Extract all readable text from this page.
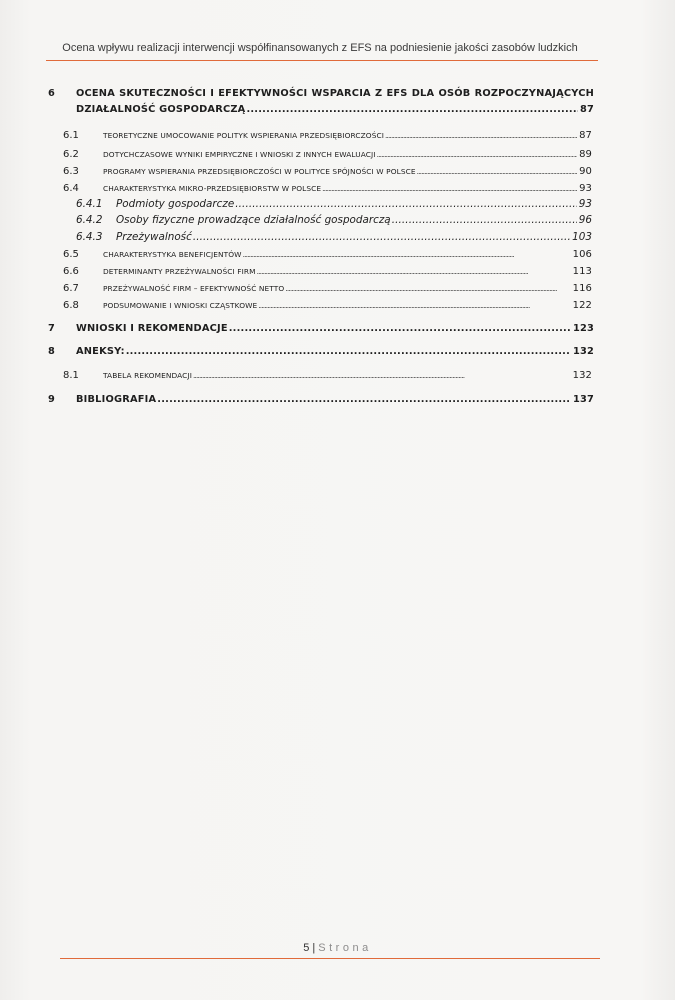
Ocena wpływu realizacji interwencji współfinansowanych z EFS na podniesienie jakości zasobów ludzkich
6 OCENA SKUTECZNOŚCI I EFEKTYWNOŚCI WSPARCIA Z EFS DLA OSÓB ROZPOCZYNAJĄCYCH
DZIAŁALNOŚĆ GOSPODARCZĄ . . .	87
6.1	TEORETYCZNE UMOCOWANIE POLITYK WSPIERANIA PRZEDSIĘBIORCZOŚCI . . .	87
6.2	DOTYCHCZASOWE WYNIKI EMPIRYCZNE I WNIOSKI Z INNYCH EWALUACJI . . .	89
6.3	PROGRAMY WSPIERANIA PRZEDSIĘBIORCZOŚCI W POLITYCE SPÓJNOŚCI W POLSCE . . .	90
6.4	CHARAKTERYSTYKA MIKRO-PRZEDSIĘBIORSTW W POLSCE . . .	93
6.4.1 Podmioty gospodarcze . . .	93
6.4.2 Osoby fizyczne prowadzące działalność gospodarczą . . .	96
6.4.3 Przeżywalność . . .	103
6.5	CHARAKTERYSTYKA BENEFICJENTÓW . . .	106
6.6	DETERMINANTY PRZEŻYWALNOŚCI FIRM . . .	113
6.7	PRZEŻYWALNOŚĆ FIRM – EFEKTYWNOŚĆ NETTO . . .	116
6.8	PODSUMOWANIE I WNIOSKI CZĄSTKOWE . . .	122
7 WNIOSKI I REKOMENDACJE . . .	123
8 ANEKSY: . . .	132
8.1	TABELA REKOMENDACJI . . .	132
9 BIBLIOGRAFIA . . .	137
5 | Strona
